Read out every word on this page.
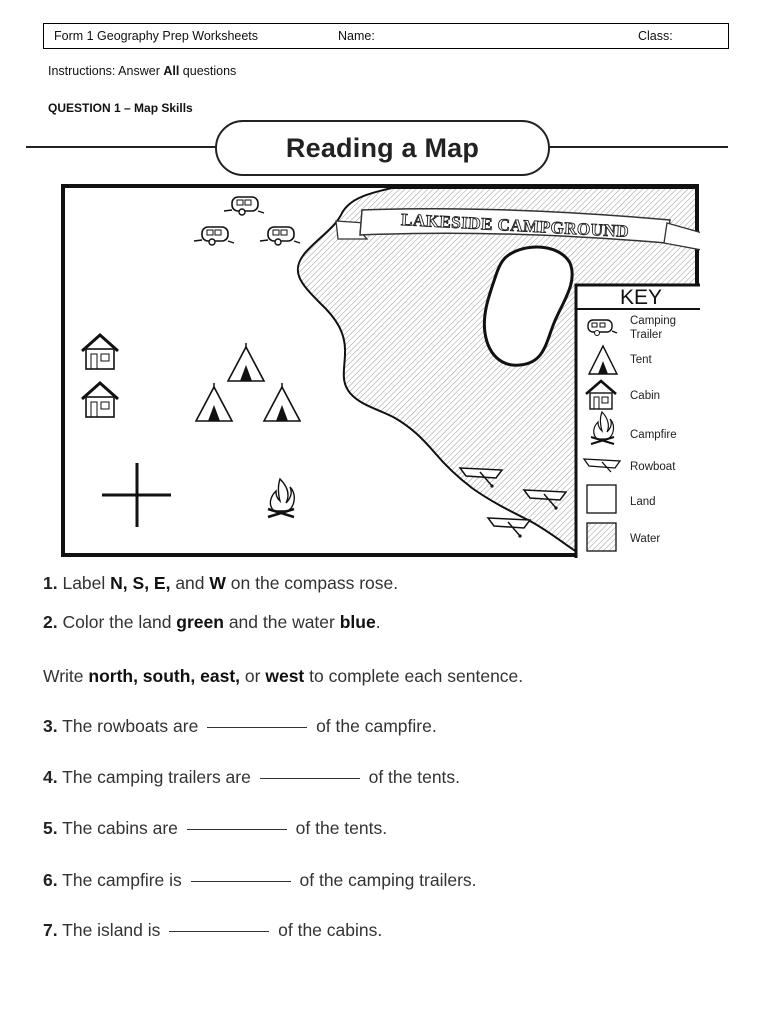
Form 1 Geography Prep Worksheets	Name:	Class:
Instructions: Answer All questions
QUESTION 1 – Map Skills
Reading a Map
LAKESIDE CAMPGROUND
KEY
Camping
Trailer
Tent
Cabin
Campfire
Rowboat
Land
Water
1. Label N, S, E, and W on the compass rose.
2. Color the land green and the water blue.
Write north, south, east, or west to complete each sentence.
3. The rowboats are	of the campfire.
4. The camping trailers are	of the tents.
5. The cabins are	of the tents.
6. The campfire is	of the camping trailers.
7. The island is	of the cabins.
